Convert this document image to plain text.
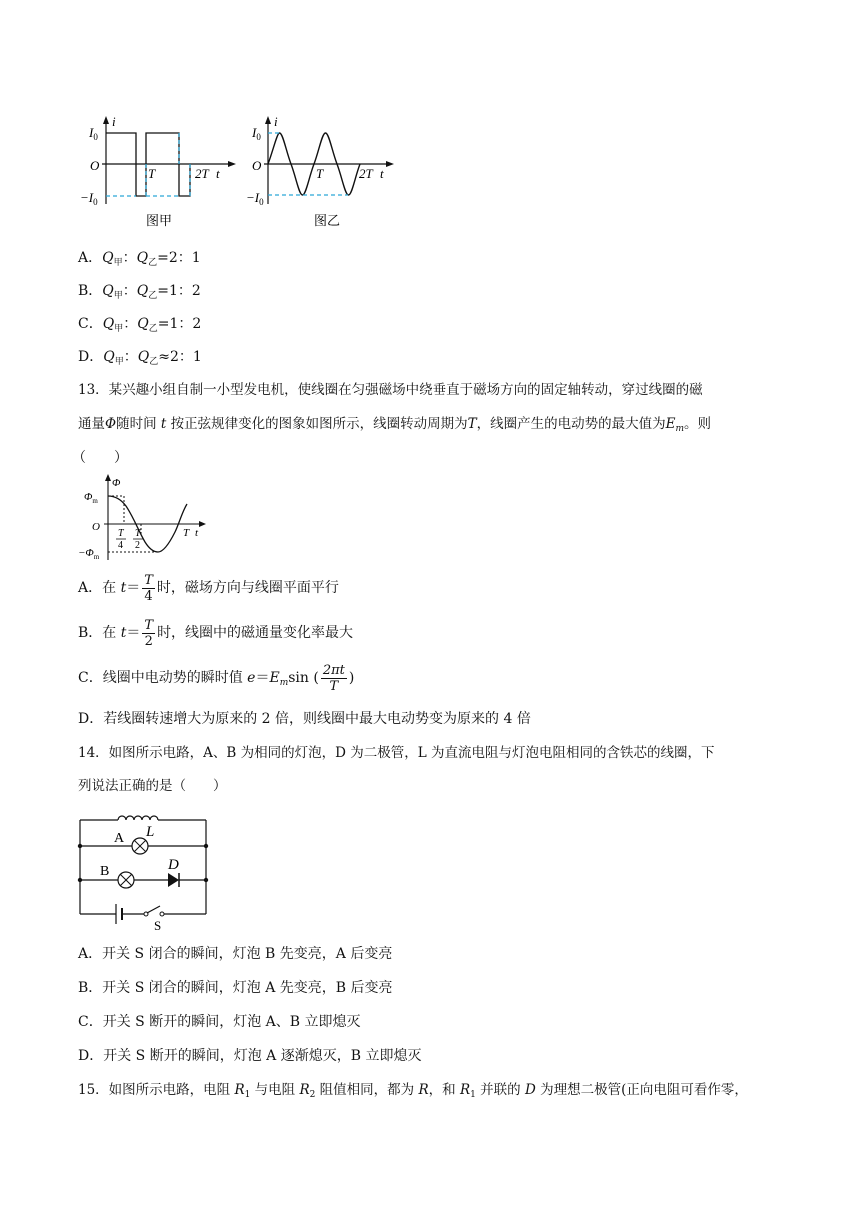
i
$I_0$
O
T	2T t
$-I_0$
图甲
i
$I_0$
O
T	2T t
$-I_0$
图乙
A．$Q_甲$：$Q_乙=2$：1
B．$Q_甲$：$Q_乙=1$：2
C．$Q_甲$：$Q_乙=1$：2
D．$Q_甲$：$Q_乙\approx 2$：1
13．某兴趣小组自制一小型发电机，使线圈在匀强磁场中绕垂直于磁场方向的固定轴转动，穿过线圈的磁
通量Φ随时间 t 按正弦规律变化的图象如图所示，线圈转动周期为T，线圈产生的电动势的最大值为$E_m$。则
（　　）
Φ
$\Phi_m$
O
T
4
T
2
T t
$-\Phi_m$
A．在 $t= \frac{T}{4}$ 时，磁场方向与线圈平面平行
B．在 $t= \frac{T}{2}$ 时，线圈中的磁通量变化率最大
C．线圈中电动势的瞬时值 $e=E_m\sin$ ( $\frac{2\pi t}{T}$ )
D．若线圈转速增大为原来的 2 倍，则线圈中最大电动势变为原来的 4 倍
14．如图所示电路，A、B 为相同的灯泡，D 为二极管，L 为直流电阻与灯泡电阻相同的含铁芯的线圈，下
列说法正确的是（　　）
L
A
B	D
S
A．开关 S 闭合的瞬间，灯泡 B 先变亮，A 后变亮
B．开关 S 闭合的瞬间，灯泡 A 先变亮，B 后变亮
C．开关 S 断开的瞬间，灯泡 A、B 立即熄灭
D．开关 S 断开的瞬间，灯泡 A 逐渐熄灭，B 立即熄灭
15．如图所示电路，电阻 $R_1$ 与电阻 $R_2$ 阻值相同，都为 R，和 $R_1$ 并联的 D 为理想二极管(正向电阻可看作零，
